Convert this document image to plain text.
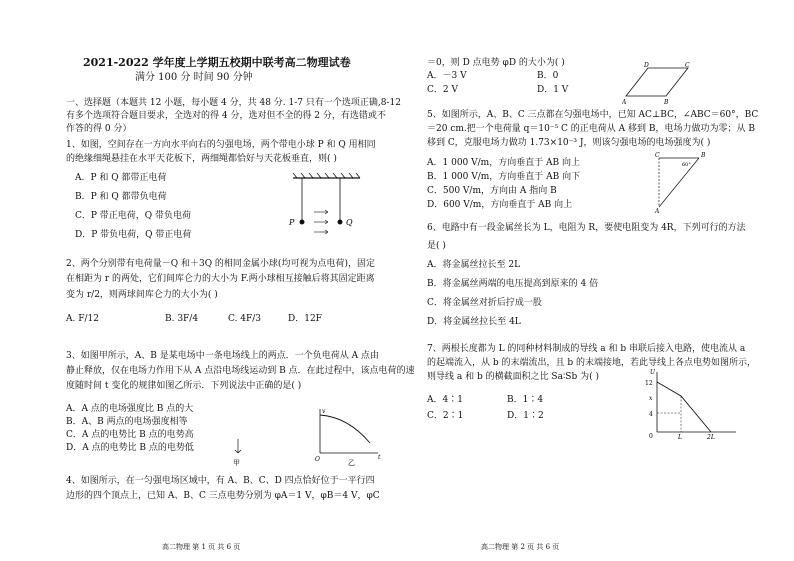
2021-2022 学年度上学期五校期中联考高二物理试卷
满分 100 分 时间 90 分钟
一、选择题（本题共 12 小题，每小题 4 分，共 48 分. 1-7 只有一个选项正确,8-12
有多个选项符合题目要求，全选对的得 4 分，选对但不全的得 2 分，有选错或不
作答的得 0 分）
1、如图，空间存在一方向水平向右的匀强电场，两个带电小球 P 和 Q 用相同
的绝缘细绳悬挂在水平天花板下，两细绳都恰好与天花板垂直，则( )
A．P 和 Q 都带正电荷
B．P 和 Q 都带负电荷
C．P 带正电荷，Q 带负电荷
D．P 带负电荷，Q 带正电荷
P	Q
2、两个分别带有电荷量－Q 和＋3Q 的相同金属小球(均可视为点电荷)，固定
在相距为 r 的两处，它们间库仑力的大小为 F.两小球相互接触后将其固定距离
变为 r/2，则两球间库仑力的大小为( )
A. F/12	B. 3F/4	C. 4F/3	D．12F
3、如图甲所示，A、B 是某电场中一条电场线上的两点．一个负电荷从 A 点由
静止释放，仅在电场力作用下从 A 点沿电场线运动到 B 点．在此过程中，该点电荷的速
度随时间 t 变化的规律如图乙所示．下列说法中正确的是( )
A．A 点的电场强度比 B 点的大
B．A、B 两点的电场强度相等
C．A 点的电势比 B 点的电势高
D．A 点的电势比 B 点的电势低
甲
v
t
O	乙
4、如图所示，在一匀强电场区域中，有 A、B、C、D 四点恰好位于一平行四
边形的四个顶点上，已知 A、B、C 三点电势分别为 φA＝1 V，φB＝4 V，φC
高二物理 第 1 页 共 6 页
＝0，则 D 点电势 φD 的大小为( )
A．－3 V	B．0
C．2 V	D．1 V
A
D	C
B
5、如图所示，A、B、C 三点都在匀强电场中，已知 AC⊥BC，∠ABC＝60°，BC
＝20 cm.把一个电荷量 q＝10⁻⁵ C 的正电荷从 A 移到 B，电场力做功为零；从 B
移到 C，克服电场力做功 1.73×10⁻³ J，则该匀强电场的电场强度为( )
A．1 000 V/m，方向垂直于 AB 向上
B．1 000 V/m，方向垂直于 AB 向下
C．500 V/m，方向由 A 指向 B
D．600 V/m，方向垂直于 AB 向上
C	B
A
60°
6、电路中有一段金属丝长为 L，电阻为 R，要使电阻变为 4R，下列可行的方法
是( )
A．将金属丝拉长至 2L
B．将金属丝两端的电压提高到原来的 4 倍
C．将金属丝对折后拧成一股
D．将金属丝拉长至 4L
7、两根长度都为 L 的同种材料制成的导线 a 和 b 串联后接入电路，使电流从 a
的起端流入，从 b 的末端流出，且 b 的末端接地，若此导线上各点电势如图所示，
则导线 a 和 b 的横截面积之比 Sa∶Sb 为( )
A．4∶1	B．1∶4
C．2∶1	D．1∶2
U
12
x
4
0	L	2L
高二物理 第 2 页 共 6 页
